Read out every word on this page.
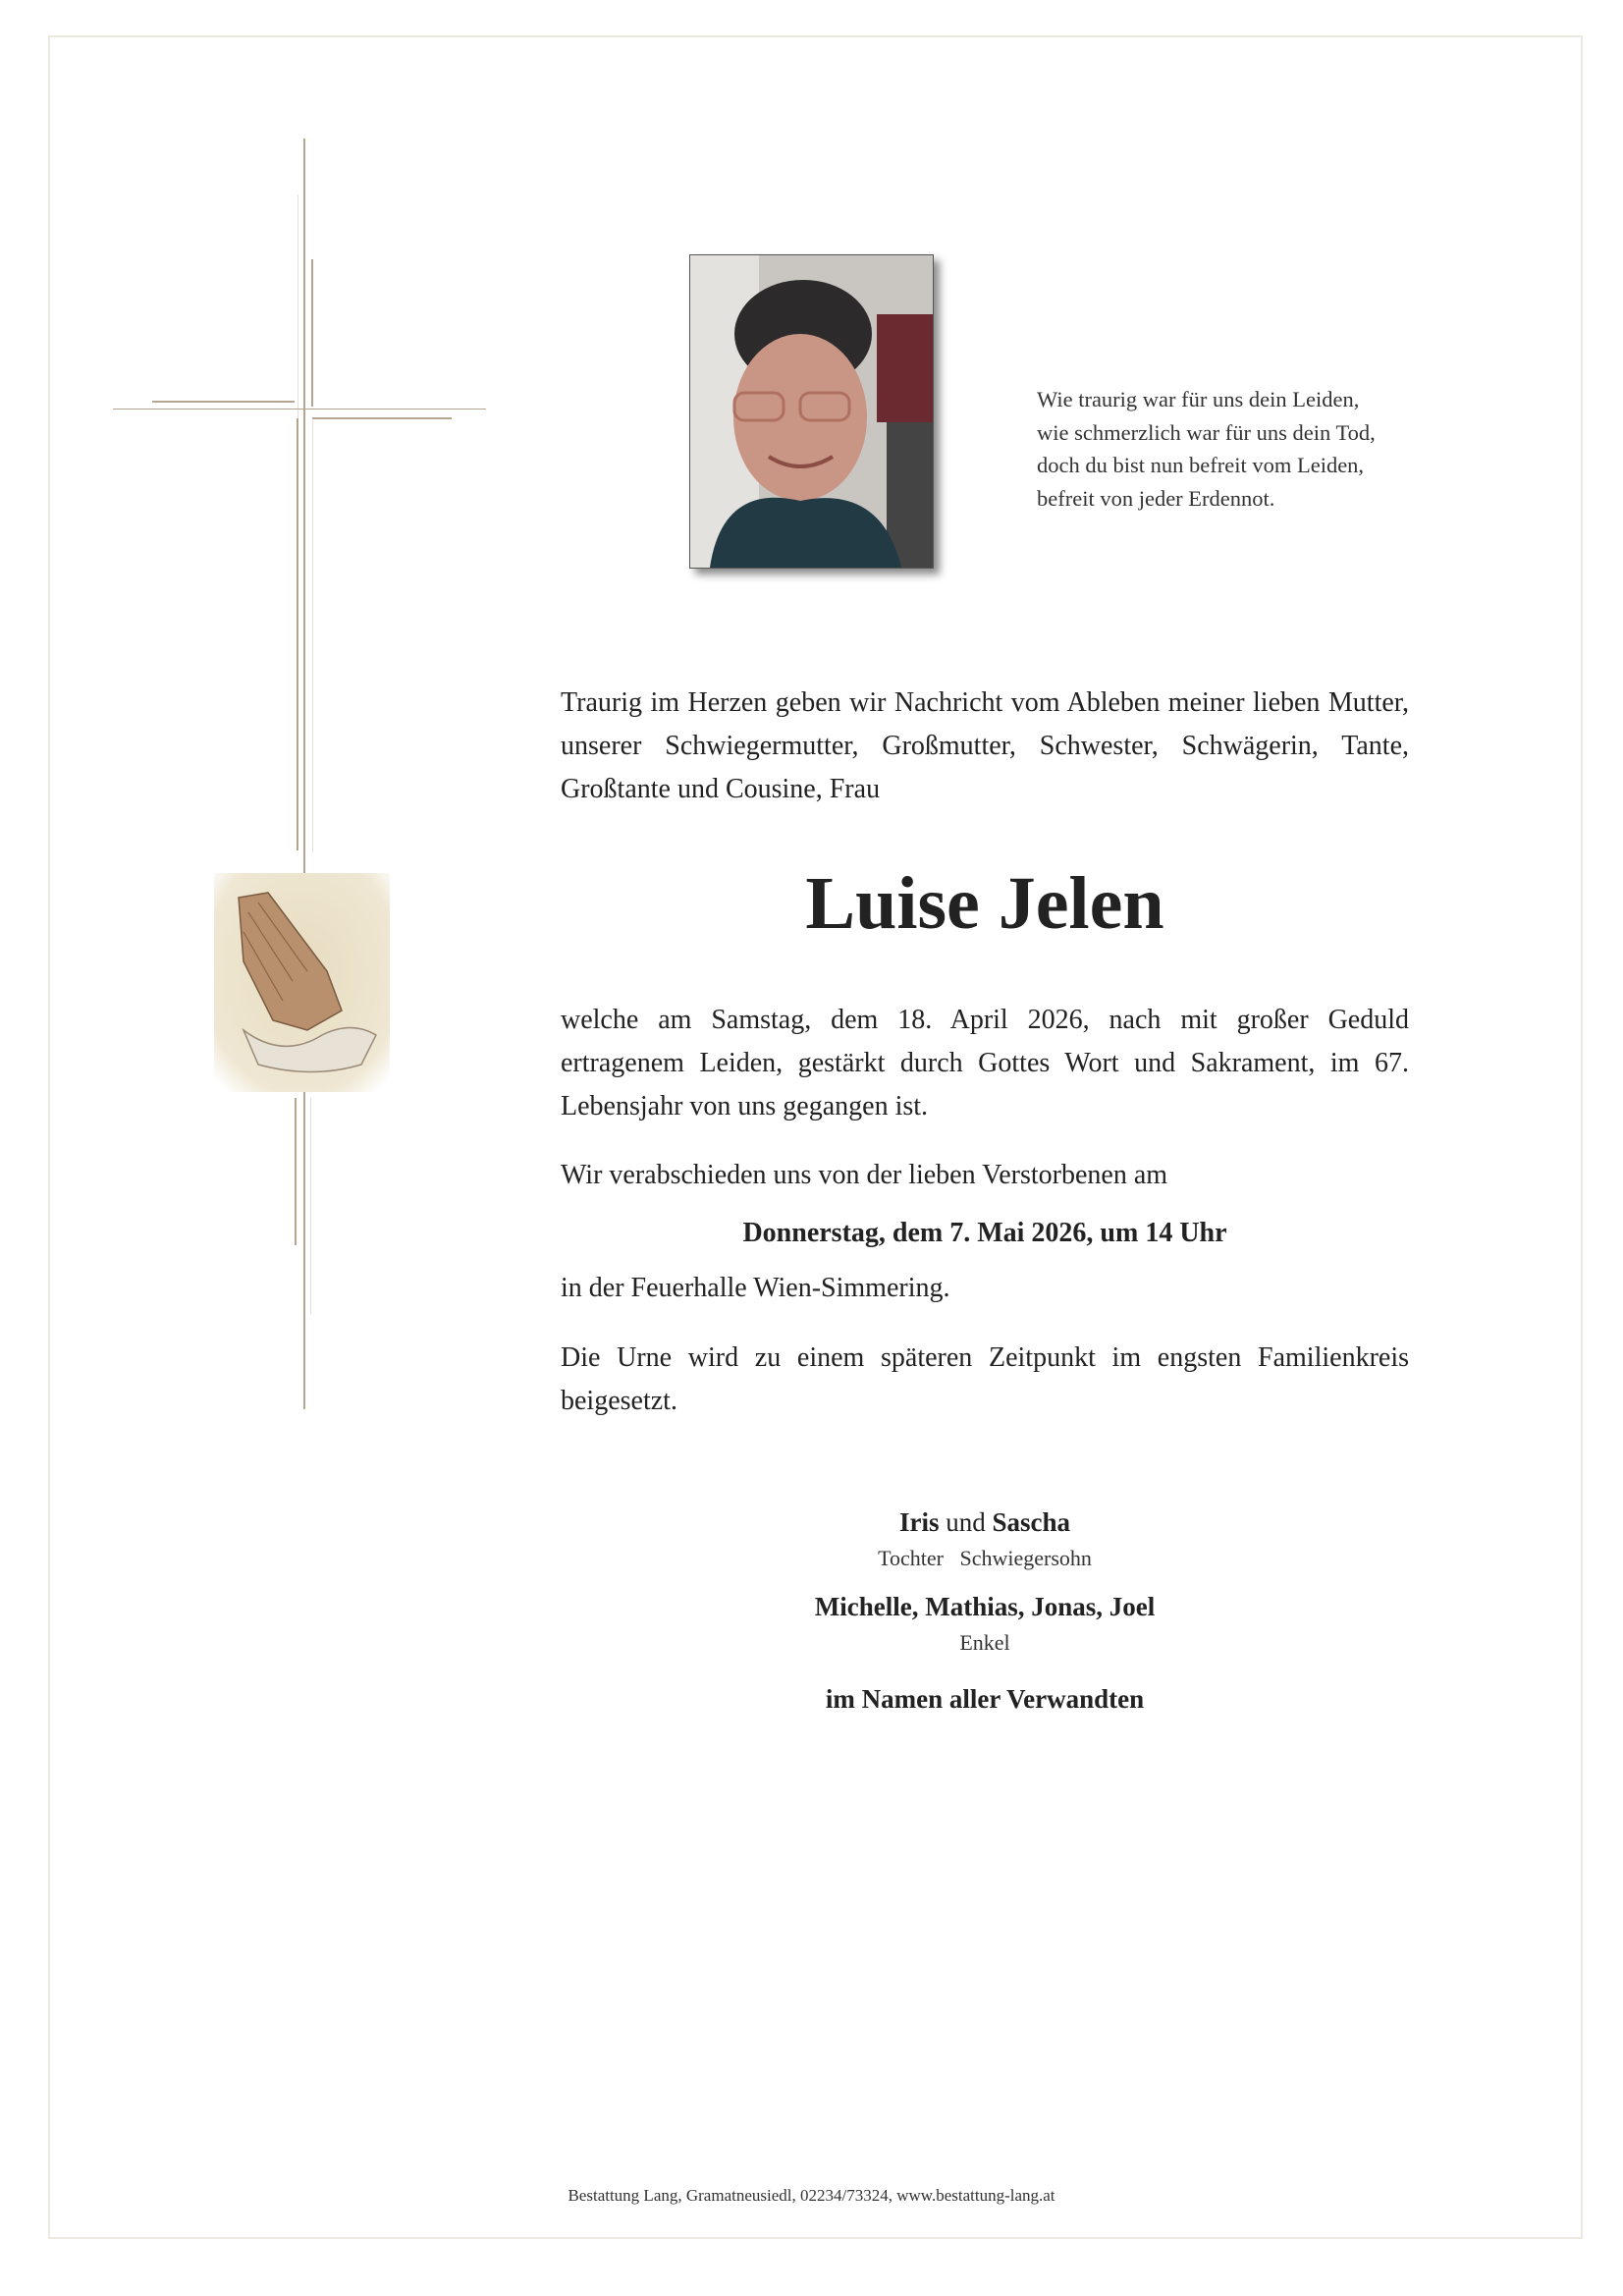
Wie traurig war für uns dein Leiden,
wie schmerzlich war für uns dein Tod,
doch du bist nun befreit vom Leiden,
befreit von jeder Erdennot.
Traurig im Herzen geben wir Nachricht vom Ableben meiner lieben Mutter, unserer Schwiegermutter, Großmutter, Schwester, Schwägerin, Tante, Großtante und Cousine, Frau
Luise Jelen
welche am Samstag, dem 18. April 2026, nach mit großer Geduld ertragenem Leiden, gestärkt durch Gottes Wort und Sakrament, im 67. Lebensjahr von uns gegangen ist.
Wir verabschieden uns von der lieben Verstorbenen am
Donnerstag, dem 7. Mai 2026, um 14 Uhr
in der Feuerhalle Wien-Simmering.
Die Urne wird zu einem späteren Zeitpunkt im engsten Familienkreis beigesetzt.
Iris und Sascha
Tochter   Schwiegersohn
Michelle, Mathias, Jonas, Joel
Enkel
im Namen aller Verwandten
Bestattung Lang, Gramatneusiedl, 02234/73324, www.bestattung-lang.at
